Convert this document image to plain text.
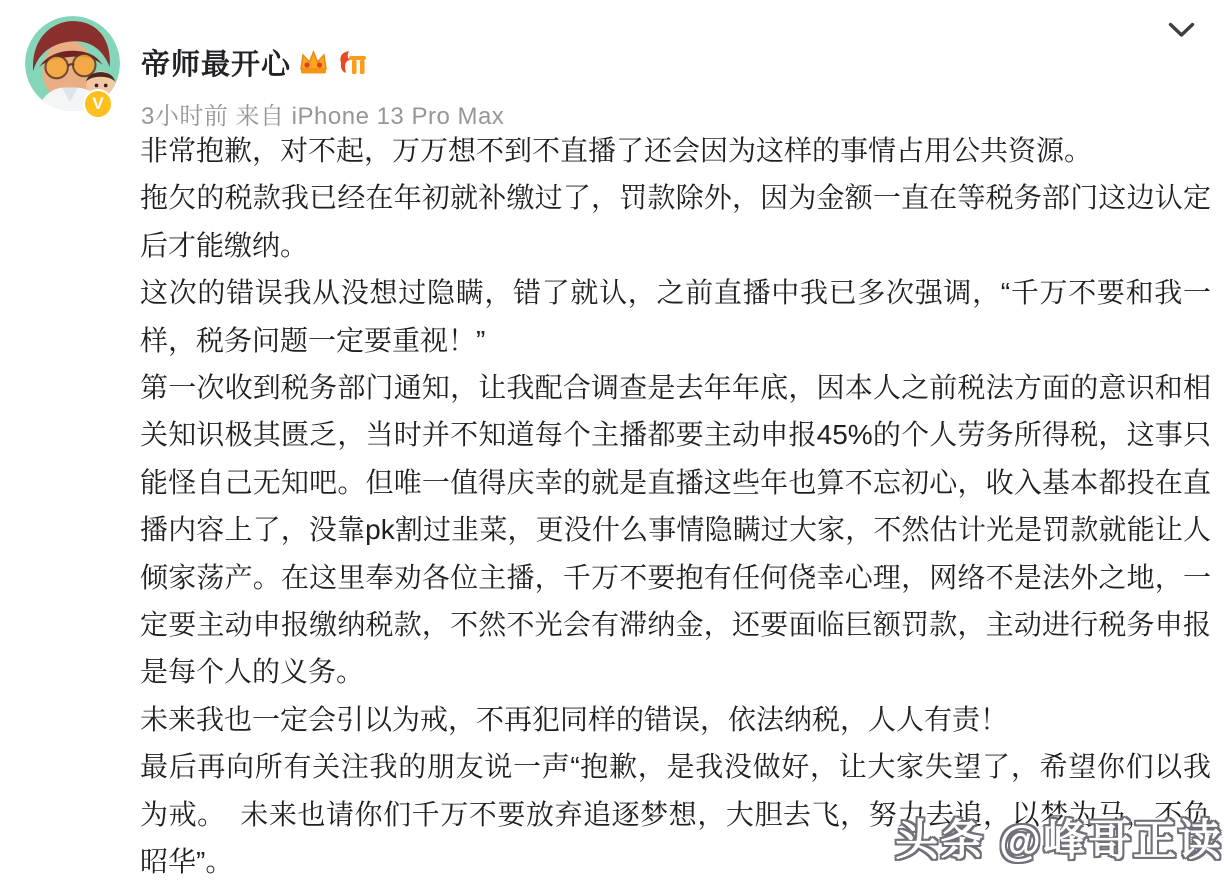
V
帝师最开心
3小时前 来自 iPhone 13 Pro Max

非常抱歉，对不起，万万想不到不直播了还会因为这样的事情占用公共资源。

拖欠的税款我已经在年初就补缴过了，罚款除外，因为金额一直在等税务部门这边认定后才能缴纳。

这次的错误我从没想过隐瞒，错了就认，之前直播中我已多次强调，“千万不要和我一样，税务问题一定要重视！”

第一次收到税务部门通知，让我配合调查是去年年底，因本人之前税法方面的意识和相关知识极其匮乏，当时并不知道每个主播都要主动申报45%的个人劳务所得税，这事只能怪自己无知吧。但唯一值得庆幸的就是直播这些年也算不忘初心，收入基本都投在直播内容上了，没靠pk割过韭菜，更没什么事情隐瞒过大家，不然估计光是罚款就能让人倾家荡产。在这里奉劝各位主播，千万不要抱有任何侥幸心理，网络不是法外之地，一定要主动申报缴纳税款，不然不光会有滞纳金，还要面临巨额罚款，主动进行税务申报是每个人的义务。

未来我也一定会引以为戒，不再犯同样的错误，依法纳税，人人有责！

最后再向所有关注我的朋友说一声“抱歉，是我没做好，让大家失望了，希望你们以我为戒。　未来也请你们千万不要放弃追逐梦想，大胆去飞，努力去追，以梦为马，不负昭华”。	头条 @峰哥正读
